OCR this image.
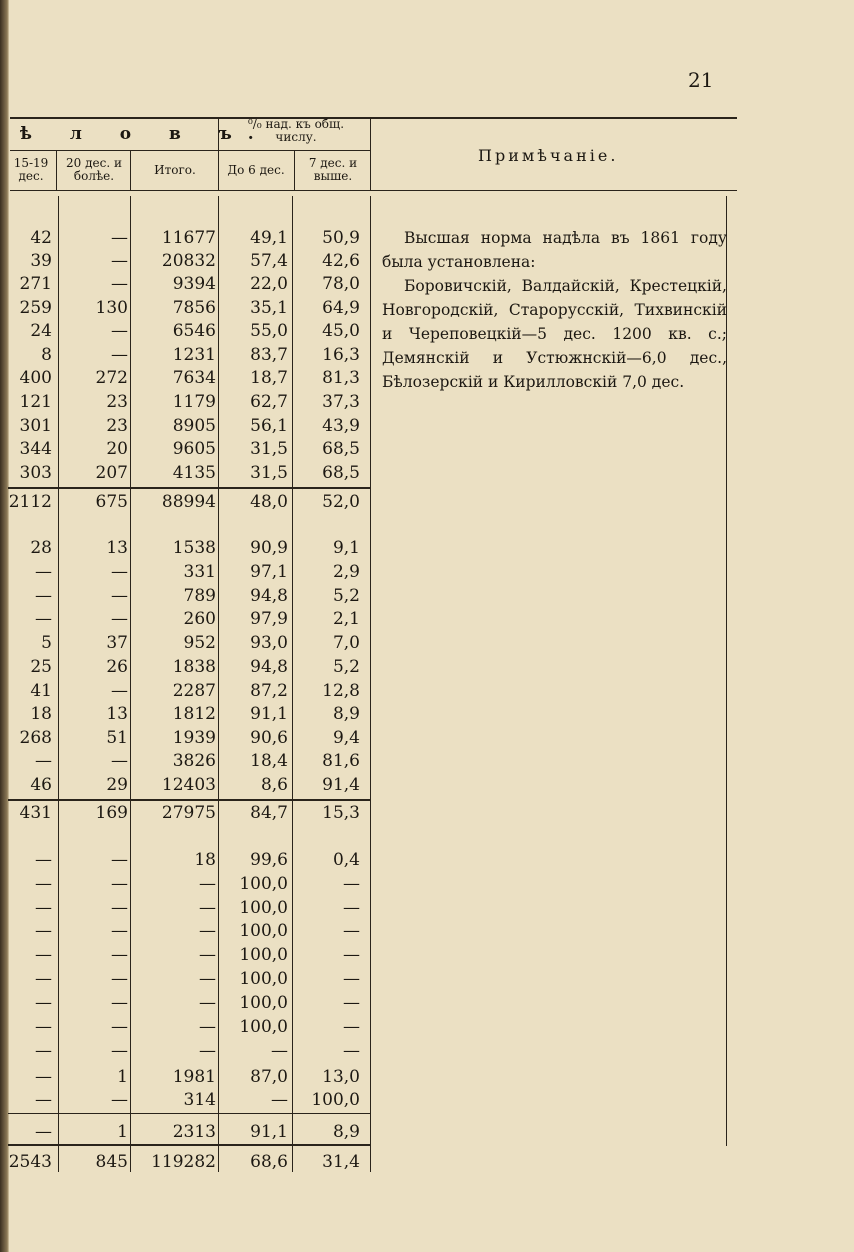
21
ѣ л о в ъ.
⁰/₀ над. къ общ. числу.
15-19 дес.
20 дес. и болѣе.	Итого.	До 6 дес.	7 дес. и выше.
Примѣчаніе.
42	—	11677	49,1	50,9
39	—	20832	57,4	42,6
271	—	9394	22,0	78,0
259	130	7856	35,1	64,9
24	—	6546	55,0	45,0
8	—	1231	83,7	16,3
400	272	7634	18,7	81,3
121	23	1179	62,7	37,3
301	23	8905	56,1	43,9
344	20	9605	31,5	68,5
303	207	4135	31,5	68,5
2112	675	88994	48,0	52,0
28	13	1538	90,9	9,1
—	—	331	97,1	2,9
—	—	789	94,8	5,2
—	—	260	97,9	2,1
5	37	952	93,0	7,0
25	26	1838	94,8	5,2
41	—	2287	87,2	12,8
18	13	1812	91,1	8,9
268	51	1939	90,6	9,4
—	—	3826	18,4	81,6
46	29	12403	8,6	91,4
431	169	27975	84,7	15,3
—	—	18	99,6	0,4
—	—	—	100,0	—
—	—	—	100,0	—
—	—	—	100,0	—
—	—	—	100,0	—
—	—	—	100,0	—
—	—	—	100,0	—
—	—	—	100,0	—
—	—	—	—	—
—	1	1981	87,0	13,0
—	—	314	—	100,0
—	1	2313	91,1	8,9
2543	845	119282	68,6	31,4

Высшая норма надѣла въ 1861 году была установлена:

Боровичскій, Валдайскій, Крестецкій, Новгородскій, Старорусскій, Тихвинскій и Череповецкій—5 дес. 1200 кв. с.; Демянскій и Устюжнскій—6,0 дес., Бѣлозерскій и Кирилловскій 7,0 дес.
